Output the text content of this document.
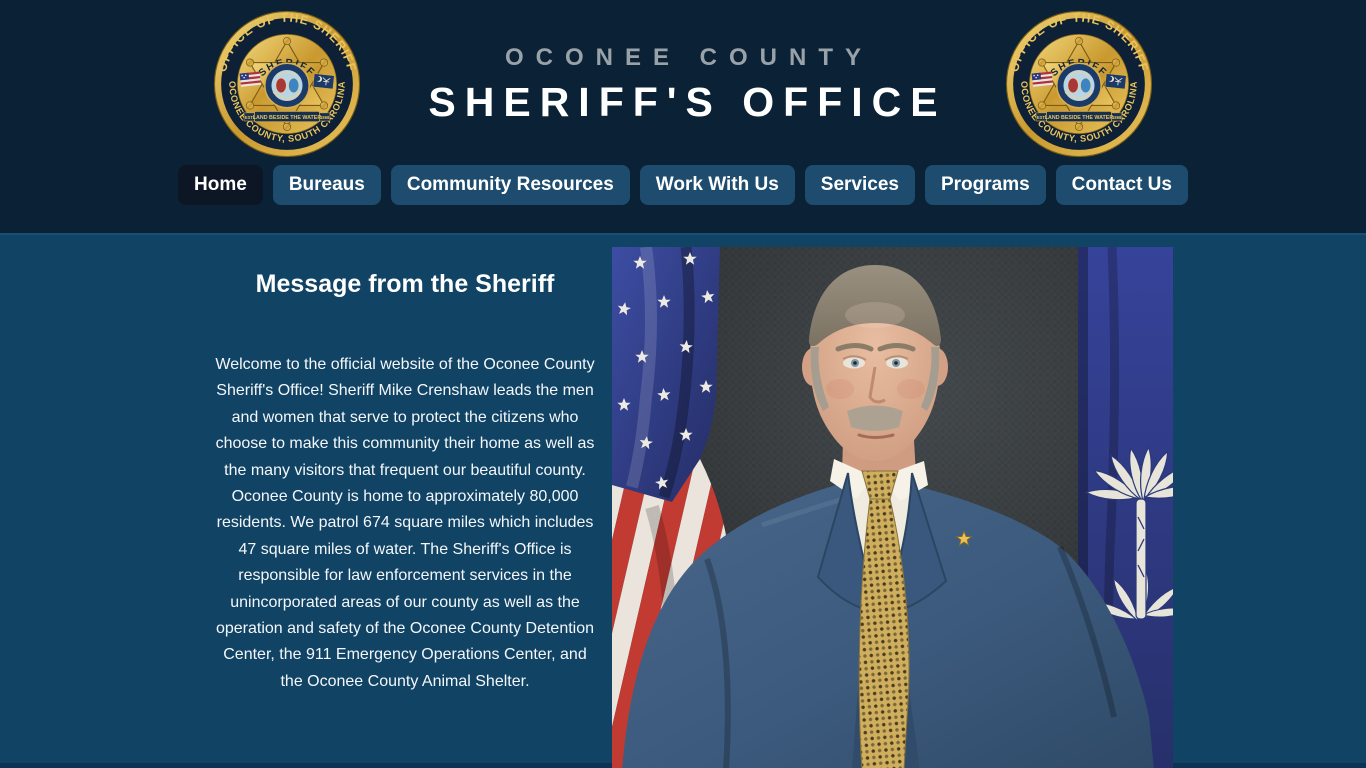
OCONEE COUNTY
SHERIFF'S OFFICE
Home	Bureaus	Community Resources	Work With Us	Services	Programs	Contact Us
Message from the Sheriff

Welcome to the official website of the Oconee County Sheriff's Office! Sheriff Mike Crenshaw leads the men and women that serve to protect the citizens who choose to make this community their home as well as the many visitors that frequent our beautiful county. Oconee County is home to approximately 80,000 residents. We patrol 674 square miles which includes 47 square miles of water. The Sheriff's Office is responsible for law enforcement services in the unincorporated areas of our county as well as the operation and safety of the Oconee County Detention Center, the 911 Emergency Operations Center, and the Oconee County Animal Shelter.
